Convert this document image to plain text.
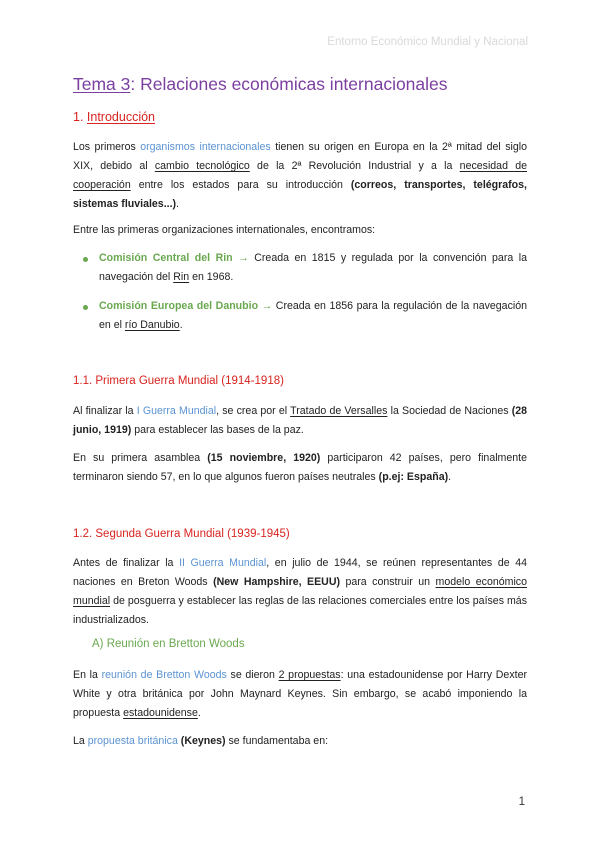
Entorno Económico Mundial y Nacional
Tema 3: Relaciones económicas internacionales
1. Introducción

Los primeros organismos internacionales tienen su origen en Europa en la 2ª mitad del siglo XIX, debido al cambio tecnológico de la 2ª Revolución Industrial y a la necesidad de cooperación entre los estados para su introducción (correos, transportes, telégrafos, sistemas fluviales...).

Entre las primeras organizaciones internationales, encontramos:

Comisión Central del Rin → Creada en 1815 y regulada por la convención para la navegación del Rin en 1968.
Comisión Europea del Danubio → Creada en 1856 para la regulación de la navegación en el río Danubio.
1.1. Primera Guerra Mundial (1914-1918)

Al finalizar la I Guerra Mundial, se crea por el Tratado de Versalles la Sociedad de Naciones (28 junio, 1919) para establecer las bases de la paz.

En su primera asamblea (15 noviembre, 1920) participaron 42 países, pero finalmente terminaron siendo 57, en lo que algunos fueron países neutrales (p.ej: España).

1.2. Segunda Guerra Mundial (1939-1945)

Antes de finalizar la II Guerra Mundial, en julio de 1944, se reúnen representantes de 44 naciones en Breton Woods (New Hampshire, EEUU) para construir un modelo económico mundial de posguerra y establecer las reglas de las relaciones comerciales entre los países más industrializados.

A) Reunión en Bretton Woods

En la reunión de Bretton Woods se dieron 2 propuestas: una estadounidense por Harry Dexter White y otra británica por John Maynard Keynes. Sin embargo, se acabó imponiendo la propuesta estadounidense.

La propuesta británica (Keynes) se fundamentaba en:

1
